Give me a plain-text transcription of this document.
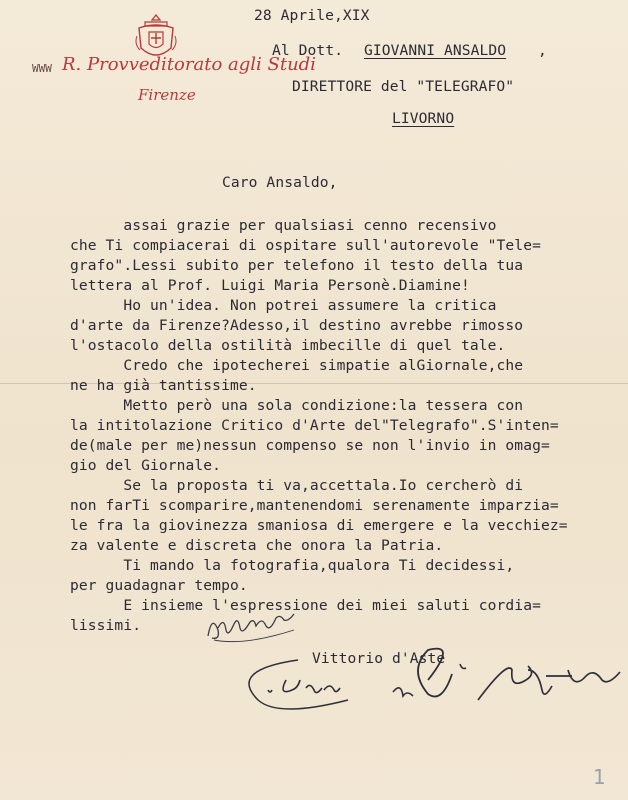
WWW R. Provveditorato agli Studi
Firenze
28 Aprile,XIX
Al Dott. GIOVANNI ANSALDO ,
DIRETTORE del "TELEGRAFO"
LIVORNO
Caro Ansaldo,
assai grazie per qualsiasi cenno recensivo
che Ti compiacerai di ospitare sull'autorevole "Tele=
grafo".Lessi subito per telefono il testo della tua
lettera al Prof. Luigi Maria Personè.Diamine!
Ho un'idea. Non potrei assumere la critica
d'arte da Firenze?Adesso,il destino avrebbe rimosso
l'ostacolo della ostilità imbecille di quel tale.
Credo che ipotecherei simpatie alGiornale,che
ne ha già tantissime.
Metto però una sola condizione:la tessera con
la intitolazione Critico d'Arte del"Telegrafo".S'inten=
de(male per me)nessun compenso se non l'invio in omag=
gio del Giornale.
Se la proposta ti va,accettala.Io cercherò di
non farTi scomparire,mantenendomi serenamente imparzia=
le fra la giovinezza smaniosa di emergere e la vecchiez=
za valente e discreta che onora la Patria.
Ti mando la fotografia,qualora Ti decidessi,
per guadagnar tempo.
E insieme l'espressione dei miei saluti cordia=
lissimi.
Vittorio d'Aste
1
